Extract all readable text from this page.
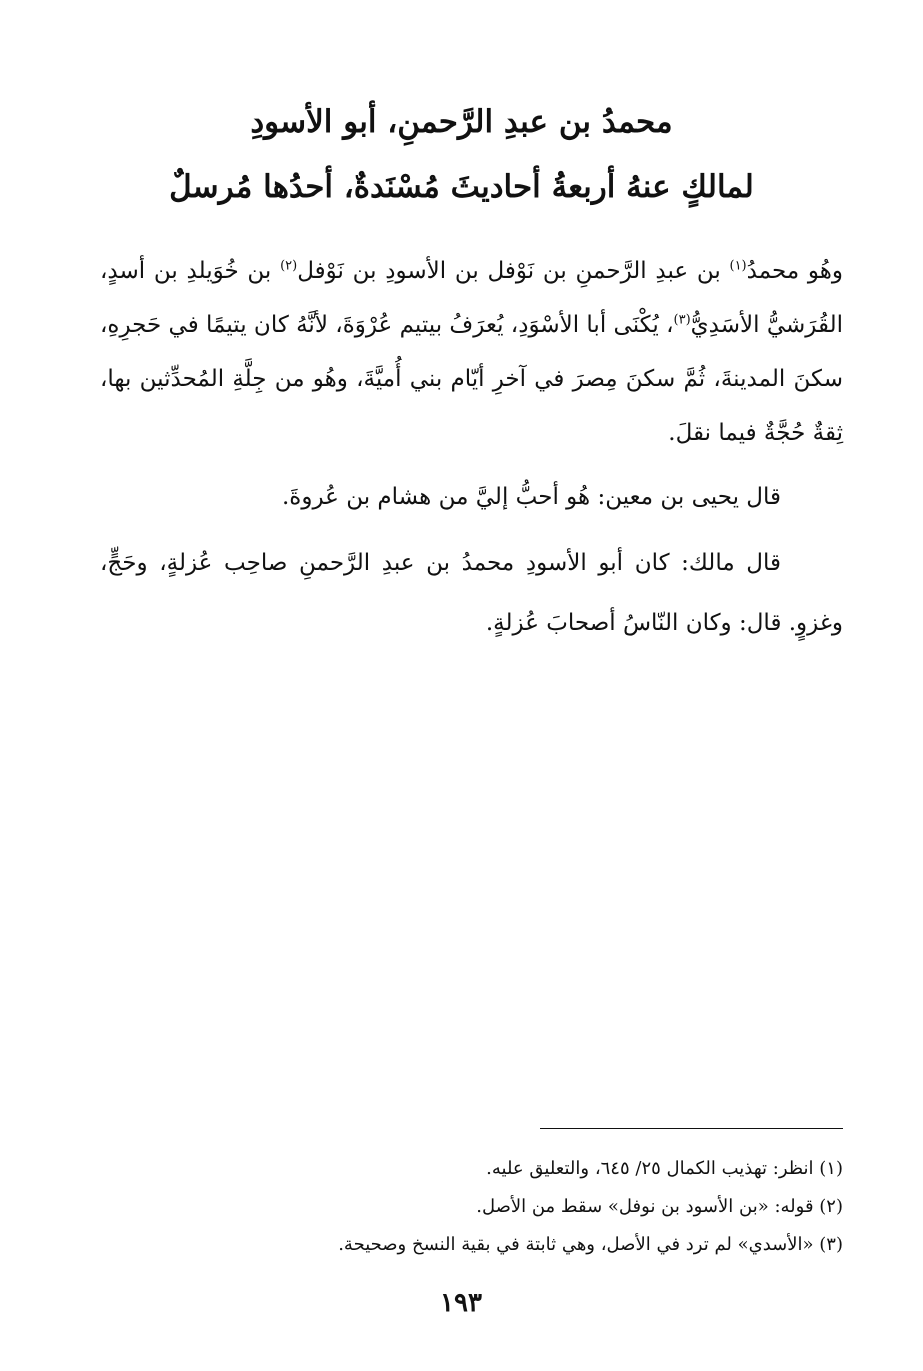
محمدُ بن عبدِ الرَّحمنِ، أبو الأسودِ
لمالكٍ عنهُ أربعةُ أحاديثَ مُسْنَدةٌ، أحدُها مُرسلٌ

وهُو محمدُ$^{(١)}$ بن عبدِ الرَّحمنِ بن نَوْفل بن الأسودِ بن نَوْفل$^{(٢)}$ بن خُوَيلدِ بن أسدٍ، القُرَشيُّ الأسَدِيُّ$^{(٣)}$، يُكْنَى أبا الأسْوَدِ، يُعرَفُ بيتيم عُرْوَةَ، لأنَّهُ كان يتيمًا في حَجرِهِ، سكنَ المدينةَ، ثُمَّ سكنَ مِصرَ في آخرِ أيّام بني أُميَّةَ، وهُو من جِلَّةِ المُحدِّثين بها، ثِقةٌ حُجَّةٌ فيما نقلَ.

قال يحيى بن معين: هُو أحبُّ إليَّ من هشام بن عُروةَ.

قال مالك: كان أبو الأسودِ محمدُ بن عبدِ الرَّحمنِ صاحِب عُزلةٍ، وحَجٍّ، وغزوٍ. قال: وكان النّاسُ أصحابَ عُزلةٍ.

(١) انظر: تهذيب الكمال ٢٥/ ٦٤٥، والتعليق عليه.
(٢) قوله: «بن الأسود بن نوفل» سقط من الأصل.
(٣) «الأسدي» لم ترد في الأصل، وهي ثابتة في بقية النسخ وصحيحة.
١٩٣
